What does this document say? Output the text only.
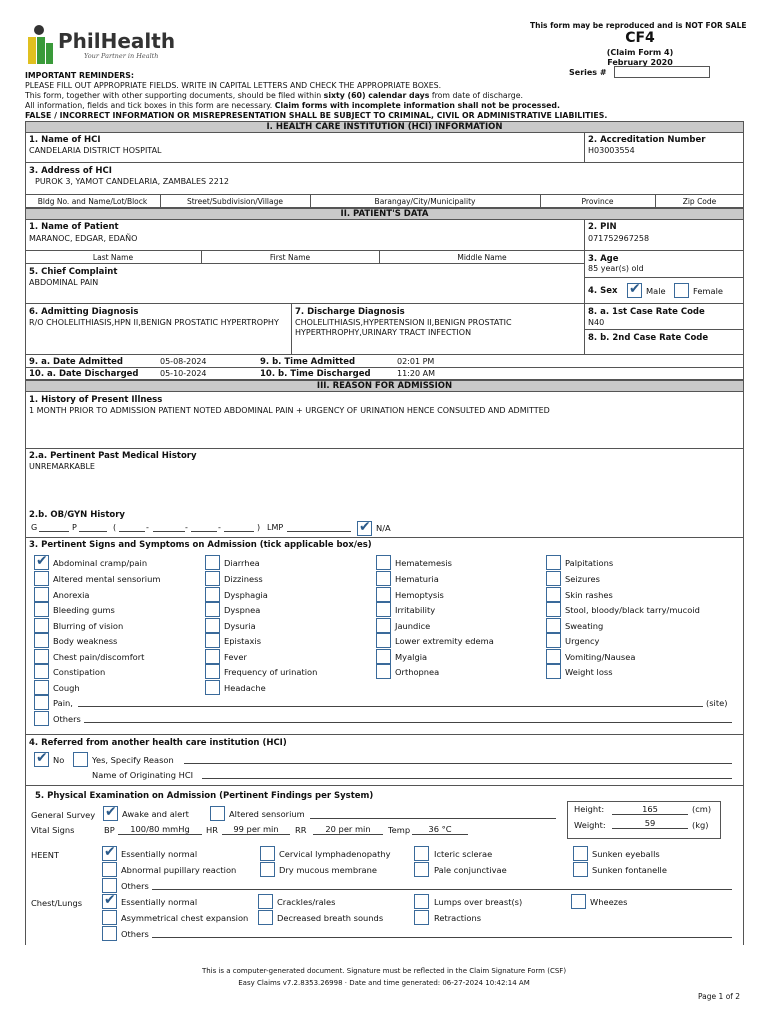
PhilHealth
Your Partner in Health
This form may be reproduced and is NOT FOR SALE
CF4
(Claim Form 4)
February 2020
Series #
IMPORTANT REMINDERS:
PLEASE FILL OUT APPROPRIATE FIELDS. WRITE IN CAPITAL LETTERS AND CHECK THE APPROPRIATE BOXES.
This form, together with other supporting documents, should be filed within sixty (60) calendar days from date of discharge.
All information, fields and tick boxes in this form are necessary. Claim forms with incomplete information shall not be processed.
FALSE / INCORRECT INFORMATION OR MISREPRESENTATION SHALL BE SUBJECT TO CRIMINAL, CIVIL OR ADMINISTRATIVE LIABILITIES.
I. HEALTH CARE INSTITUTION (HCI) INFORMATION
1. Name of HCI
CANDELARIA DISTRICT HOSPITAL
2. Accreditation Number
H03003554
3. Address of HCI
PUROK 3, YAMOT CANDELARIA, ZAMBALES 2212
Bldg No. and Name/Lot/Block	Street/Subdivision/Village	Barangay/City/Municipality	Province	Zip Code
II. PATIENT'S DATA
1. Name of Patient
MARANOC, EDGAR, EDAÑO
Last Name	First Name	Middle Name
2. PIN
071752967258
3. Age
85 year(s) old
5. Chief Complaint
ABDOMINAL PAIN
4. Sex ✔	Male	Female
6. Admitting Diagnosis
R/O CHOLELITHIASIS,HPN II,BENIGN PROSTATIC HYPERTROPHY
7. Discharge Diagnosis
CHOLELITHIASIS,HYPERTENSION II,BENIGN PROSTATIC HYPERTHROPHY,URINARY TRACT INFECTION
8. a. 1st Case Rate Code
N40
8. b. 2nd Case Rate Code
9. a. Date Admitted	05-08-2024	9. b. Time Admitted	02:01 PM
10. a. Date Discharged	05-10-2024	10. b. Time Discharged	11:20 AM
III. REASON FOR ADMISSION
1. History of Present Illness
1 MONTH PRIOR TO ADMISSION PATIENT NOTED ABDOMINAL PAIN + URGENCY OF URINATION HENCE CONSULTED AND ADMITTED
2.a. Pertinent Past Medical History
UNREMARKABLE
2.b. OB/GYN History
G	P	(	-	-	-	) LMP ✔	N/A
3. Pertinent Signs and Symptoms on Admission (tick applicable box/es)
✔
Abdominal cramp/pain
Altered mental sensorium
Anorexia
Bleeding gums
Blurring of vision
Body weakness
Chest pain/discomfort
Constipation
Cough
Diarrhea
Dizziness
Dysphagia
Dyspnea
Dysuria
Epistaxis
Fever
Frequency of urination
Headache
Hematemesis
Hematuria
Hemoptysis
Irritability
Jaundice
Lower extremity edema
Myalgia
Orthopnea
Palpitations
Seizures
Skin rashes
Stool, bloody/black tarry/mucoid
Sweating
Urgency
Vomiting/Nausea
Weight loss
Pain,	(site)
Others
4. Referred from another health care institution (HCI)
✔
No	Yes, Specify Reason
Name of Originating HCI
5. Physical Examination on Admission (Pertinent Findings per System)
General Survey ✔	Awake and alert	Altered sensorium
Vital Signs	BP	100/80 mmHg	HR	99 per min	RR	20 per min	Temp	36 °C
Height:	165	(cm)
Weight:	59	(kg)
HEENT ✔	Essentially normal	Cervical lymphadenopathy	Icteric sclerae	Sunken eyeballs
Abnormal pupillary reaction	Dry mucous membrane	Pale conjunctivae	Sunken fontanelle
Others
Chest/Lungs ✔	Essentially normal	Crackles/rales	Lumps over breast(s)	Wheezes
Asymmetrical chest expansion	Decreased breath sounds	Retractions
Others
This is a computer-generated document. Signature must be reflected in the Claim Signature Form (CSF)
Easy Claims v7.2.8353.26998 · Date and time generated: 06-27-2024 10:42:14 AM
Page 1 of 2
